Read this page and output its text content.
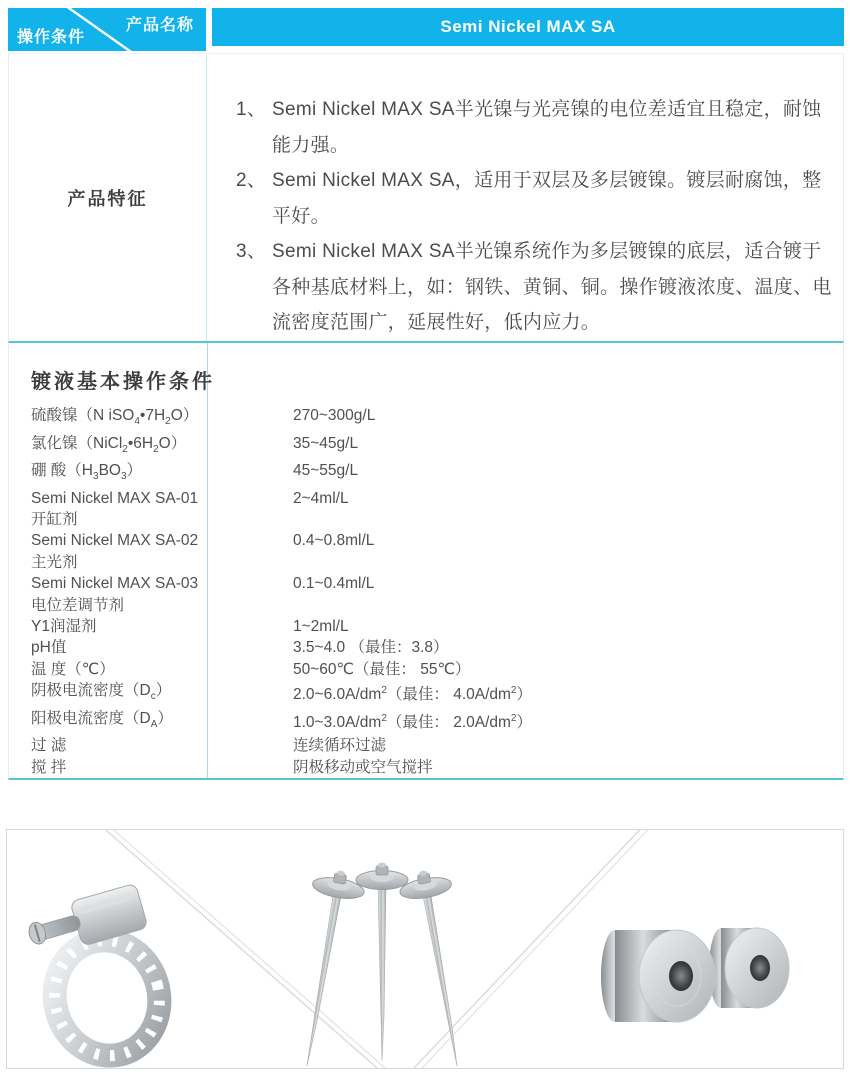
产品名称
操作条件
Semi Nickel MAX SA
产品特征
1、 Semi Nickel MAX SA半光镍与光亮镍的电位差适宜且稳定，耐蚀能力强。
2、 Semi Nickel MAX SA，适用于双层及多层镀镍。镀层耐腐蚀，整平好。
3、 Semi Nickel MAX SA半光镍系统作为多层镀镍的底层，适合镀于各种基底材料上，如：钢铁、黄铜、铜。操作镀液浓度、温度、电流密度范围广，延展性好，低内应力。
镀液基本操作条件
硫酸镍（N $iSO_4•7H_2O$）	270~300g/L
氯化镍$(NiCl_2•6H_2O)$	35~45g/L
硼 酸$(H_3BO_3)$	45~55g/L
Semi Nickel MAX SA-01	2~4ml/L
开缸剂
Semi Nickel MAX SA-02	0.4~0.8ml/L
主光剂
Semi Nickel MAX SA-03	0.1~0.4ml/L
电位差调节剂
Y1润湿剂	1~2ml/L
pH值	3.5~4.0 （最佳：3.8）
温 度（℃）	50~60℃（最佳： 55℃）
阴极电流密度$(D_c)$	$2.0\sim 6.0A/dm^2$（最佳： $4.0A/dm^2$）
阳极电流密度$(D_A)$	$1.0\sim 3.0A/dm^2$（最佳： $2.0A/dm^2$）
过 滤	连续循环过滤
搅 拌	阴极移动或空气搅拌
